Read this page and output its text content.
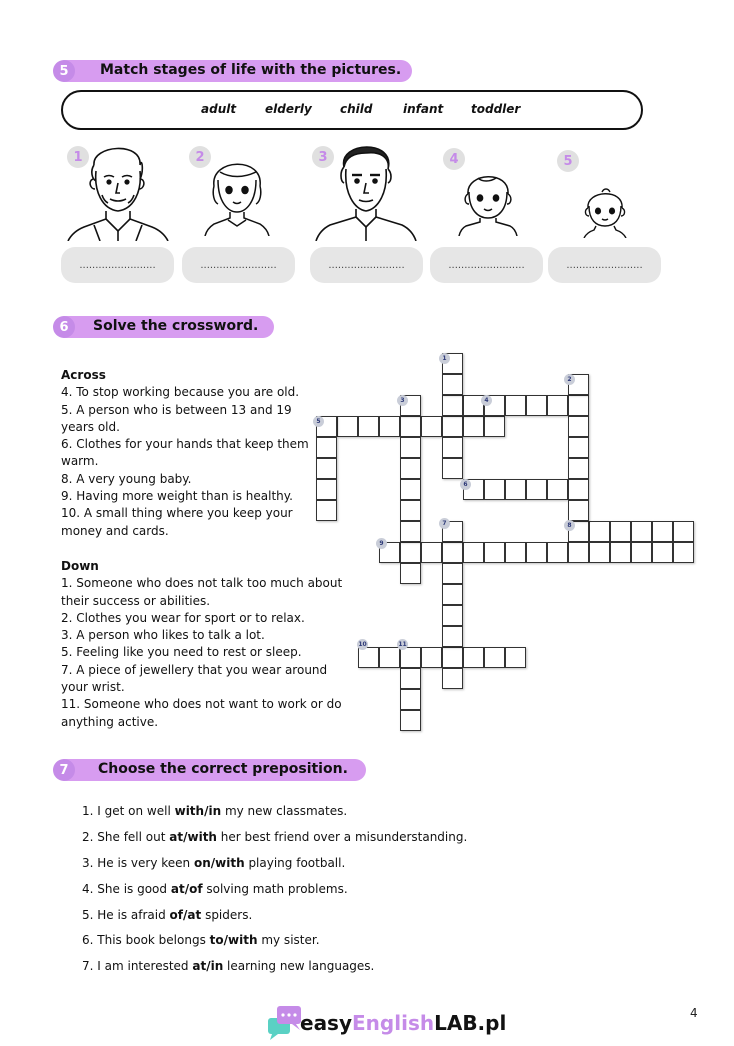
5	Match stages of life with the pictures.
adult elderly child	infant toddler
1
........................
2
........................
3
........................
4
........................
5
........................
6	Solve the crossword.
Across
4. To stop working because you are old.
5. A person who is between 13 and 19 years old.
6. Clothes for your hands that keep them warm.
8. A very young baby.
9. Having more weight than is healthy.
10. A small thing where you keep your money and cards.
Down
1. Someone who does not talk too much about their success or abilities.
2. Clothes you wear for sport or to relax.
3. A person who likes to talk a lot.
5. Feeling like you need to rest or sleep.
7. A piece of jewellery that you wear around your wrist.
11. Someone who does not want to work or do anything active.
1
2
3	4
5
6
7	8
9
10	11
7	Choose the correct preposition.
1. I get on well with/in my new classmates.
2. She fell out at/with her best friend over a misunderstanding.
3. He is very keen on/with playing football.
4. She is good at/of solving math problems.
5. He is afraid of/at spiders.
6. This book belongs to/with my sister.
7. I am interested at/in learning new languages.
easyEnglishLAB.pl	4
